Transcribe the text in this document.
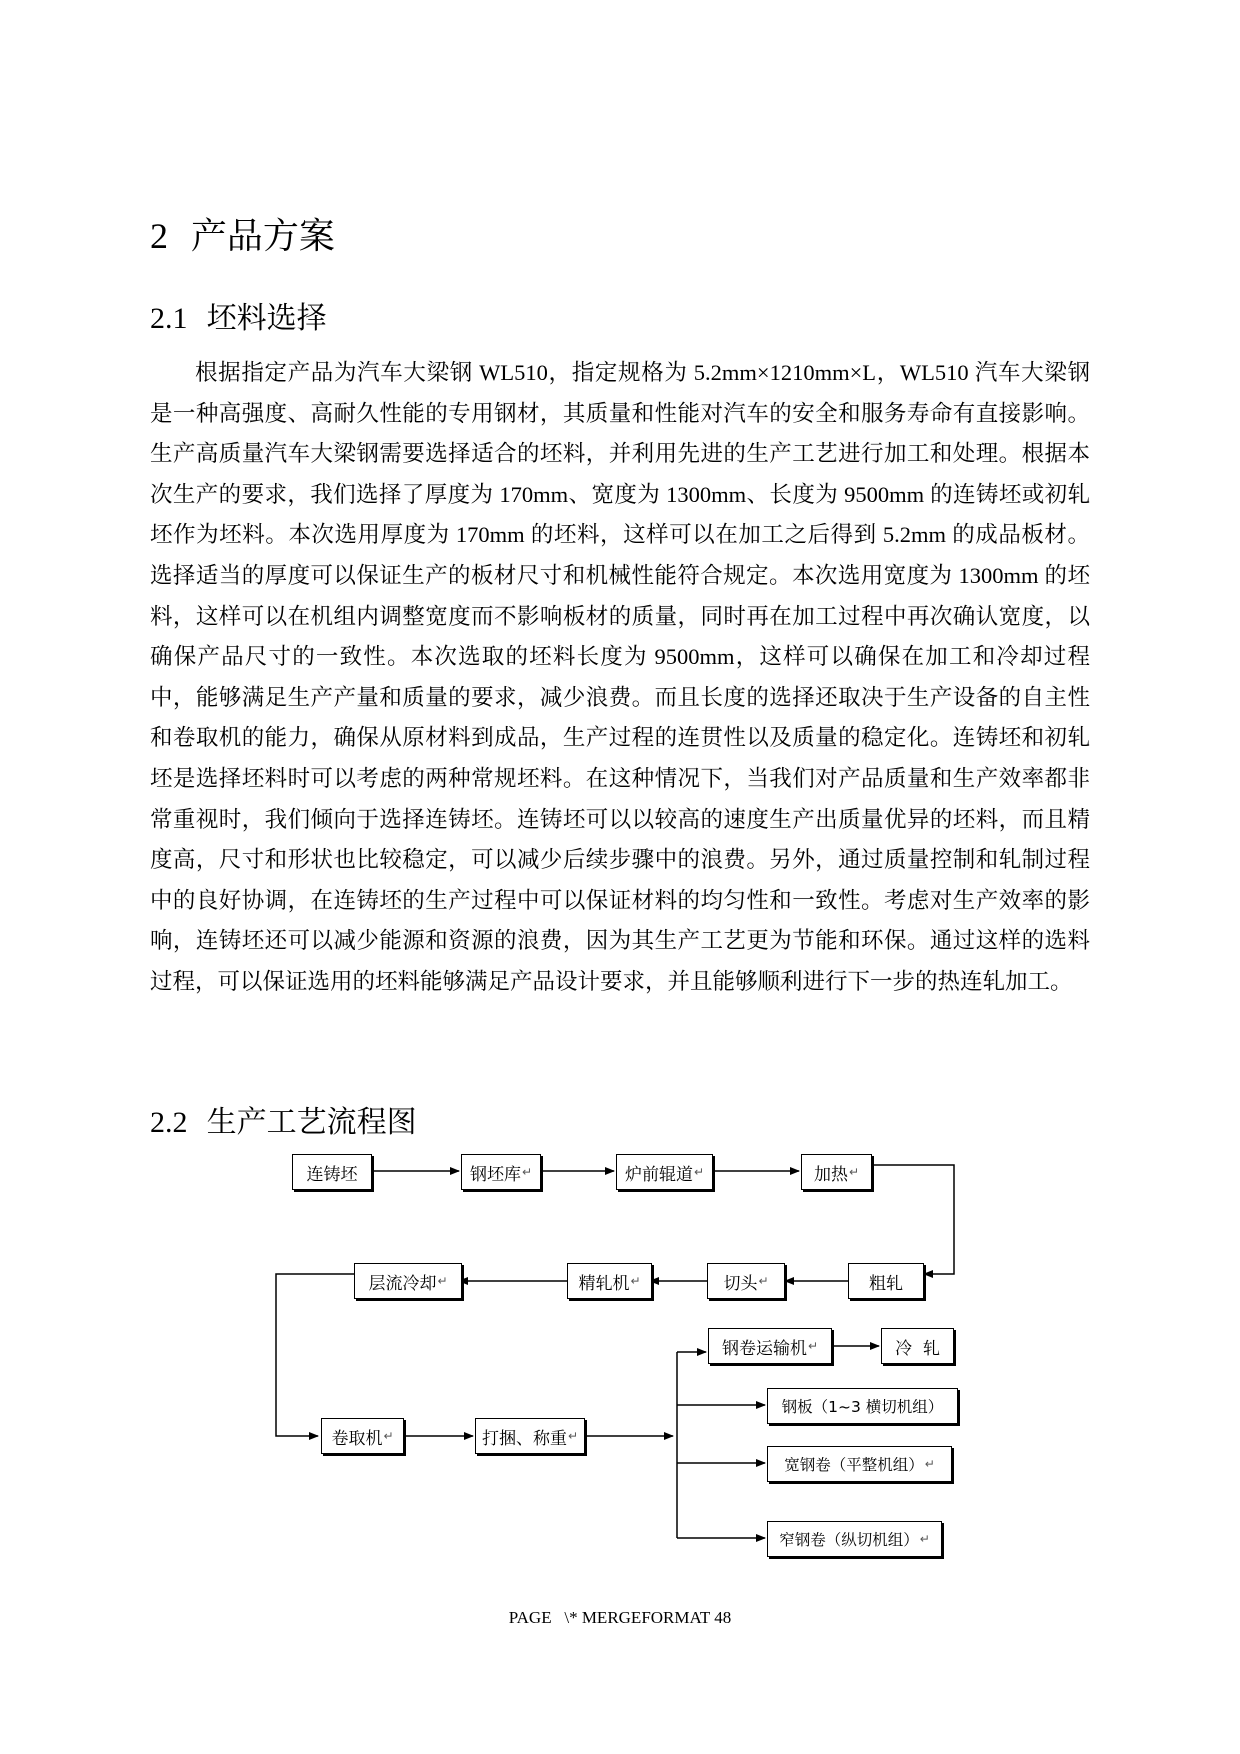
2 产品方案
2.1 坯料选择

根据指定产品为汽车大梁钢 WL510，指定规格为 5.2mm×1210mm×L，WL510 汽车大梁钢是一种高强度、高耐久性能的专用钢材，其质量和性能对汽车的安全和服务寿命有直接影响。生产高质量汽车大梁钢需要选择适合的坯料，并利用先进的生产工艺进行加工和处理。根据本次生产的要求，我们选择了厚度为 170mm、宽度为 1300mm、长度为 9500mm 的连铸坯或初轧坯作为坯料。本次选用厚度为 170mm 的坯料，这样可以在加工之后得到 5.2mm 的成品板材。选择适当的厚度可以保证生产的板材尺寸和机械性能符合规定。本次选用宽度为 1300mm 的坯料，这样可以在机组内调整宽度而不影响板材的质量，同时再在加工过程中再次确认宽度，以确保产品尺寸的一致性。本次选取的坯料长度为 9500mm，这样可以确保在加工和冷却过程中，能够满足生产产量和质量的要求，减少浪费。而且长度的选择还取决于生产设备的自主性和卷取机的能力，确保从原材料到成品，生产过程的连贯性以及质量的稳定化。连铸坯和初轧坯是选择坯料时可以考虑的两种常规坯料。在这种情况下，当我们对产品质量和生产效率都非常重视时，我们倾向于选择连铸坯。连铸坯可以以较高的速度生产出质量优异的坯料，而且精度高，尺寸和形状也比较稳定，可以减少后续步骤中的浪费。另外，通过质量控制和轧制过程中的良好协调，在连铸坯的生产过程中可以保证材料的均匀性和一致性。考虑对生产效率的影响，连铸坯还可以减少能源和资源的浪费，因为其生产工艺更为节能和环保。通过这样的选料过程，可以保证选用的坯料能够满足产品设计要求，并且能够顺利进行下一步的热连轧加工。

2.2 生产工艺流程图
连铸坯	钢坯库 ↵	炉前辊道 ↵	加热 ↵
粗轧
切头 ↵
精轧机 ↵
层流冷却 ↵
卷取机 ↵	打捆、称重 ↵
钢卷运输机 ↵	冷  轧
钢板（1~3 横切机组）
宽钢卷（平整机组） ↵
窄钢卷（纵切机组） ↵
PAGE   \* MERGEFORMAT 48
